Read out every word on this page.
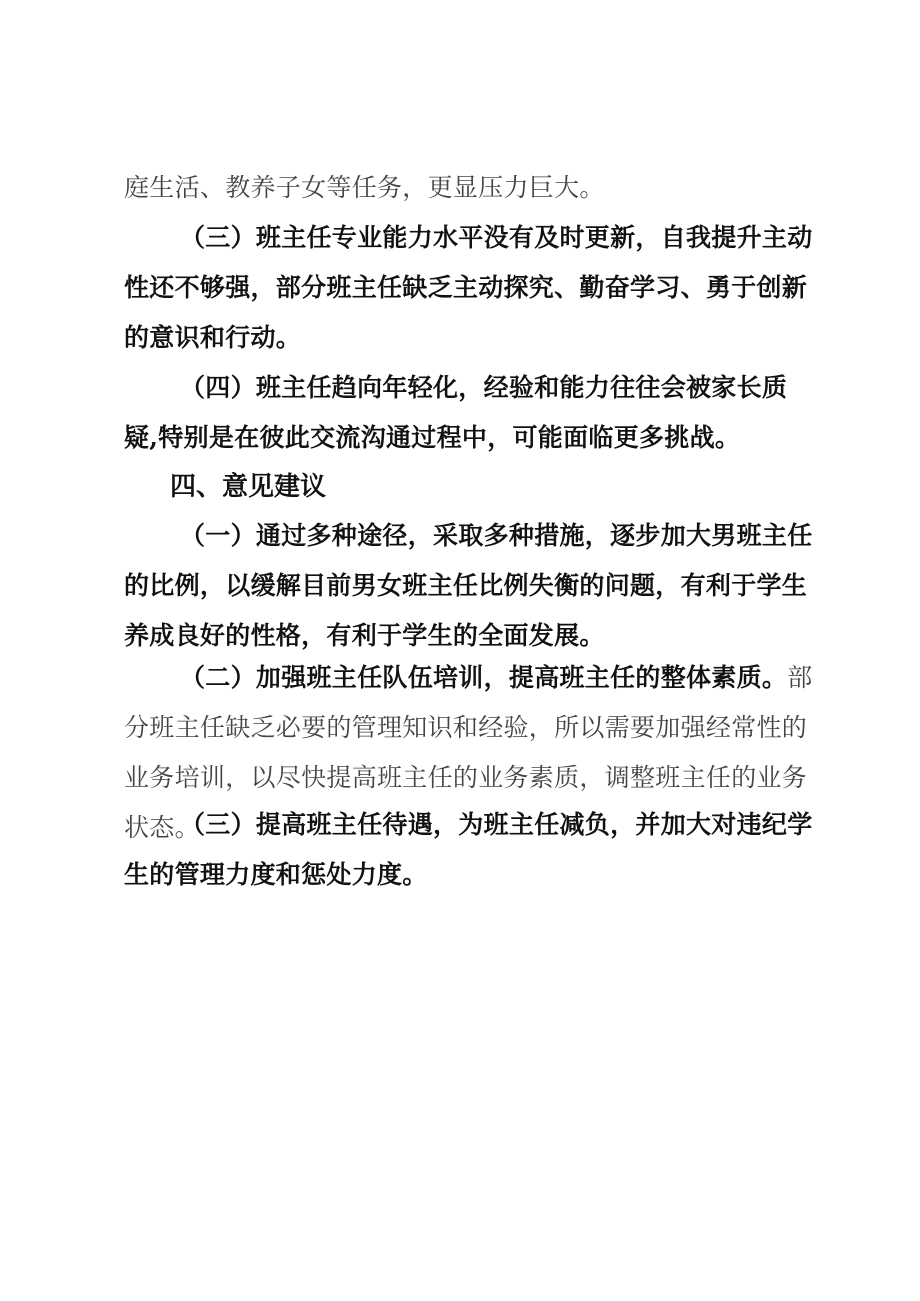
庭生活、教养子女等任务，更显压力巨大。

（三）班主任专业能力水平没有及时更新，自我提升主动性还不够强，部分班主任缺乏主动探究、勤奋学习、勇于创新的意识和行动。

（四）班主任趋向年轻化，经验和能力往往会被家长质疑,特别是在彼此交流沟通过程中，可能面临更多挑战。

四、意见建议

（一）通过多种途径，采取多种措施，逐步加大男班主任的比例，以缓解目前男女班主任比例失衡的问题，有利于学生养成良好的性格，有利于学生的全面发展。

（二）加强班主任队伍培训，提高班主任的整体素质。部分班主任缺乏必要的管理知识和经验，所以需要加强经常性的业务培训，以尽快提高班主任的业务素质，调整班主任的业务状态。

（三）提高班主任待遇，为班主任减负，并加大对违纪学生的管理力度和惩处力度。
